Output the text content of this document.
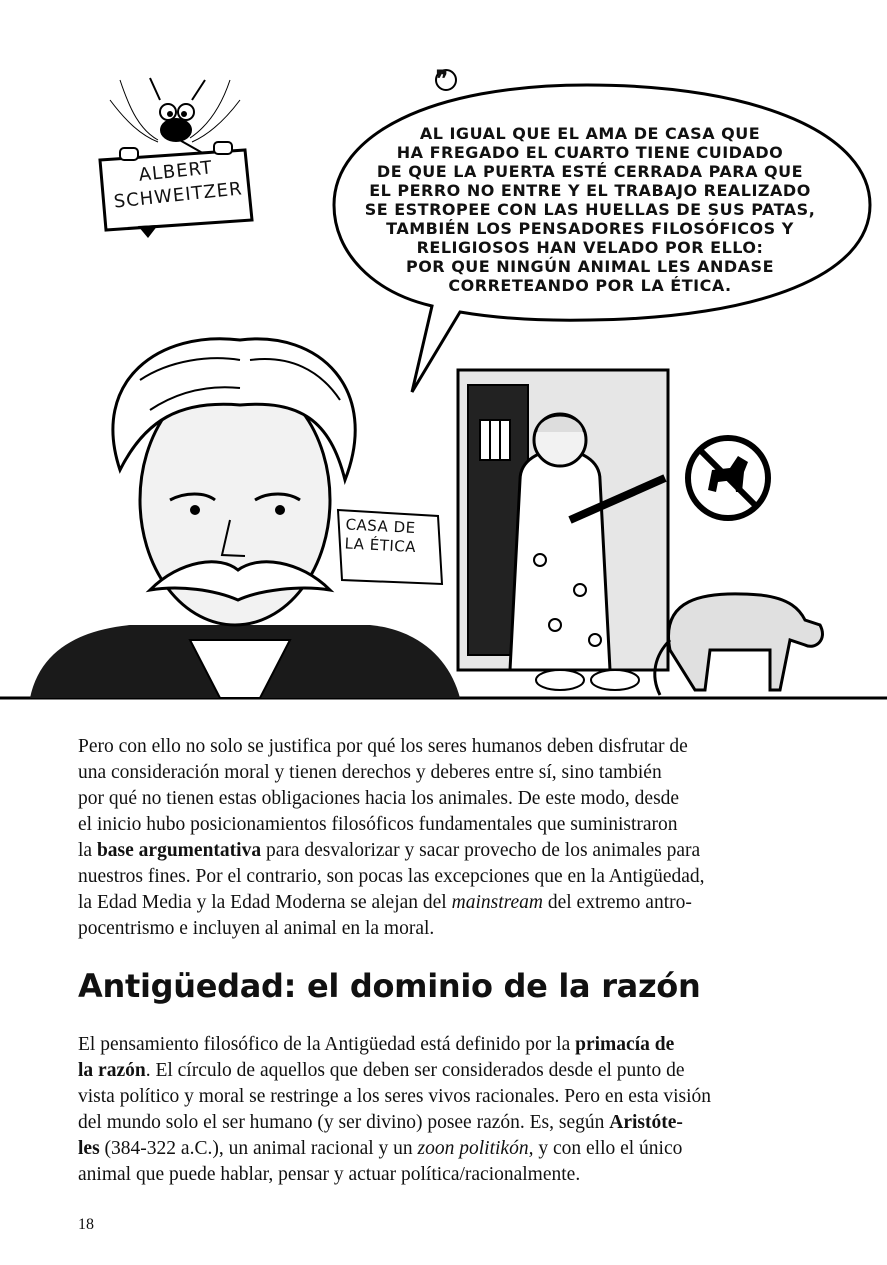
❞
ALBERT
SCHWEITZER
CASA DE
LA ÉTICA
AL IGUAL QUE EL AMA DE CASA QUE
HA FREGADO EL CUARTO TIENE CUIDADO
DE QUE LA PUERTA ESTÉ CERRADA PARA QUE
EL PERRO NO ENTRE Y EL TRABAJO REALIZADO
SE ESTROPEE CON LAS HUELLAS DE SUS PATAS,
TAMBIÉN LOS PENSADORES FILOSÓFICOS Y
RELIGIOSOS HAN VELADO POR ELLO:
POR QUE NINGÚN ANIMAL LES ANDASE
CORRETEANDO POR LA ÉTICA.

Pero con ello no solo se justifica por qué los seres humanos deben disfrutar de
una consideración moral y tienen derechos y deberes entre sí, sino también
por qué no tienen estas obligaciones hacia los animales. De este modo, desde
el inicio hubo posicionamientos filosóficos fundamentales que suministraron
la base argumentativa para desvalorizar y sacar provecho de los animales para
nuestros fines. Por el contrario, son pocas las excepciones que en la Antigüedad,
la Edad Media y la Edad Moderna se alejan del mainstream del extremo antro-
pocentrismo e incluyen al animal en la moral.

Antigüedad: el dominio de la razón

El pensamiento filosófico de la Antigüedad está definido por la primacía de
la razón. El círculo de aquellos que deben ser considerados desde el punto de
vista político y moral se restringe a los seres vivos racionales. Pero en esta visión
del mundo solo el ser humano (y ser divino) posee razón. Es, según Aristóte-
les (384-322 a.C.), un animal racional y un zoon politikón, y con ello el único
animal que puede hablar, pensar y actuar política/racionalmente.

18
